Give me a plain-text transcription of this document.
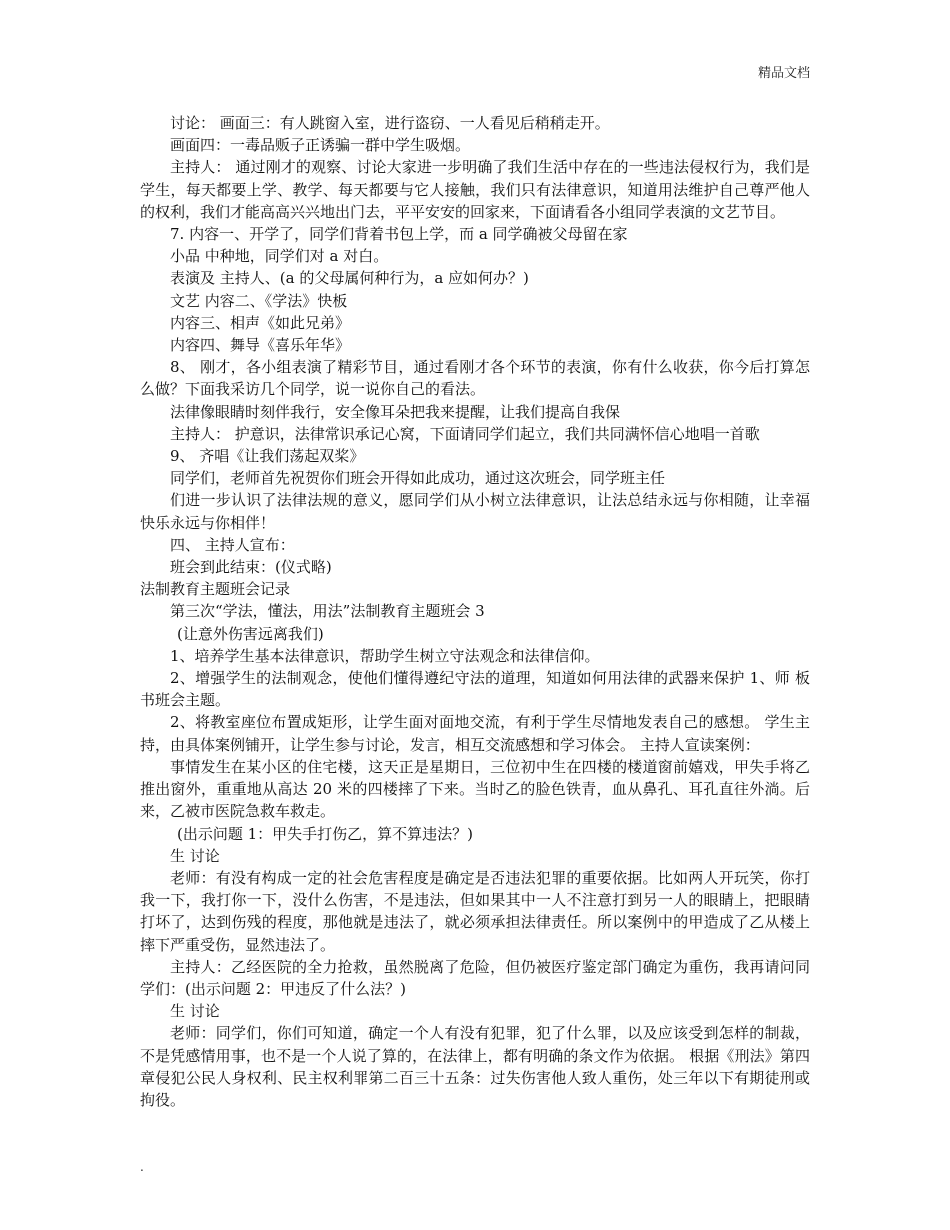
精品文档

讨论： 画面三：有人跳窗入室，进行盗窃、一人看见后稍稍走开。

画面四：一毒品贩子正诱骗一群中学生吸烟。

主持人： 通过刚才的观察、讨论大家进一步明确了我们生活中存在的一些违法侵权行为，我们是学生，每天都要上学、教学、每天都要与它人接触，我们只有法律意识，知道用法维护自己尊严他人的权利，我们才能高高兴兴地出门去，平平安安的回家来，下面请看各小组同学表演的文艺节目。

7. 内容一、开学了，同学们背着书包上学，而 a 同学确被父母留在家

小品 中种地，同学们对 a 对白。

表演及 主持人、(a 的父母属何种行为，a 应如何办？)

文艺 内容二、《学法》快板

内容三、相声《如此兄弟》

内容四、舞导《喜乐年华》

8、 刚才，各小组表演了精彩节目，通过看刚才各个环节的表演，你有什么收获，你今后打算怎么做？下面我采访几个同学，说一说你自己的看法。

法律像眼睛时刻伴我行，安全像耳朵把我来提醒，让我们提高自我保

主持人： 护意识，法律常识承记心窝，下面请同学们起立，我们共同满怀信心地唱一首歌

9、 齐唱《让我们荡起双桨》

同学们，老师首先祝贺你们班会开得如此成功，通过这次班会，同学班主任

们进一步认识了法律法规的意义，愿同学们从小树立法律意识，让法总结永远与你相随，让幸福快乐永远与你相伴！

四、 主持人宣布：

班会到此结束：(仪式略)

法制教育主题班会记录

第三次“学法，懂法，用法”法制教育主题班会 3

(让意外伤害远离我们)

1、培养学生基本法律意识，帮助学生树立守法观念和法律信仰。

2、增强学生的法制观念，使他们懂得遵纪守法的道理，知道如何用法律的武器来保护 1、师 板书班会主题。

2、将教室座位布置成矩形，让学生面对面地交流，有利于学生尽情地发表自己的感想。 学生主持，由具体案例铺开，让学生参与讨论，发言，相互交流感想和学习体会。 主持人宣读案例：

事情发生在某小区的住宅楼，这天正是星期日，三位初中生在四楼的楼道窗前嬉戏，甲失手将乙推出窗外，重重地从高达 20 米的四楼摔了下来。当时乙的脸色铁青，血从鼻孔、耳孔直往外淌。后来，乙被市医院急救车救走。

(出示问题 1：甲失手打伤乙，算不算违法？)

生 讨论

老师：有没有构成一定的社会危害程度是确定是否违法犯罪的重要依据。比如两人开玩笑，你打我一下，我打你一下，没什么伤害，不是违法，但如果其中一人不注意打到另一人的眼睛上，把眼睛打坏了，达到伤残的程度，那他就是违法了，就必须承担法律责任。所以案例中的甲造成了乙从楼上摔下严重受伤，显然违法了。

主持人：乙经医院的全力抢救，虽然脱离了危险，但仍被医疗鉴定部门确定为重伤，我再请问同学们：(出示问题 2：甲违反了什么法？)

生 讨论

老师：同学们，你们可知道，确定一个人有没有犯罪，犯了什么罪，以及应该受到怎样的制裁，不是凭感情用事，也不是一个人说了算的，在法律上，都有明确的条文作为依据。 根据《刑法》第四章侵犯公民人身权利、民主权利罪第二百三十五条：过失伤害他人致人重伤，处三年以下有期徒刑或拘役。

.
